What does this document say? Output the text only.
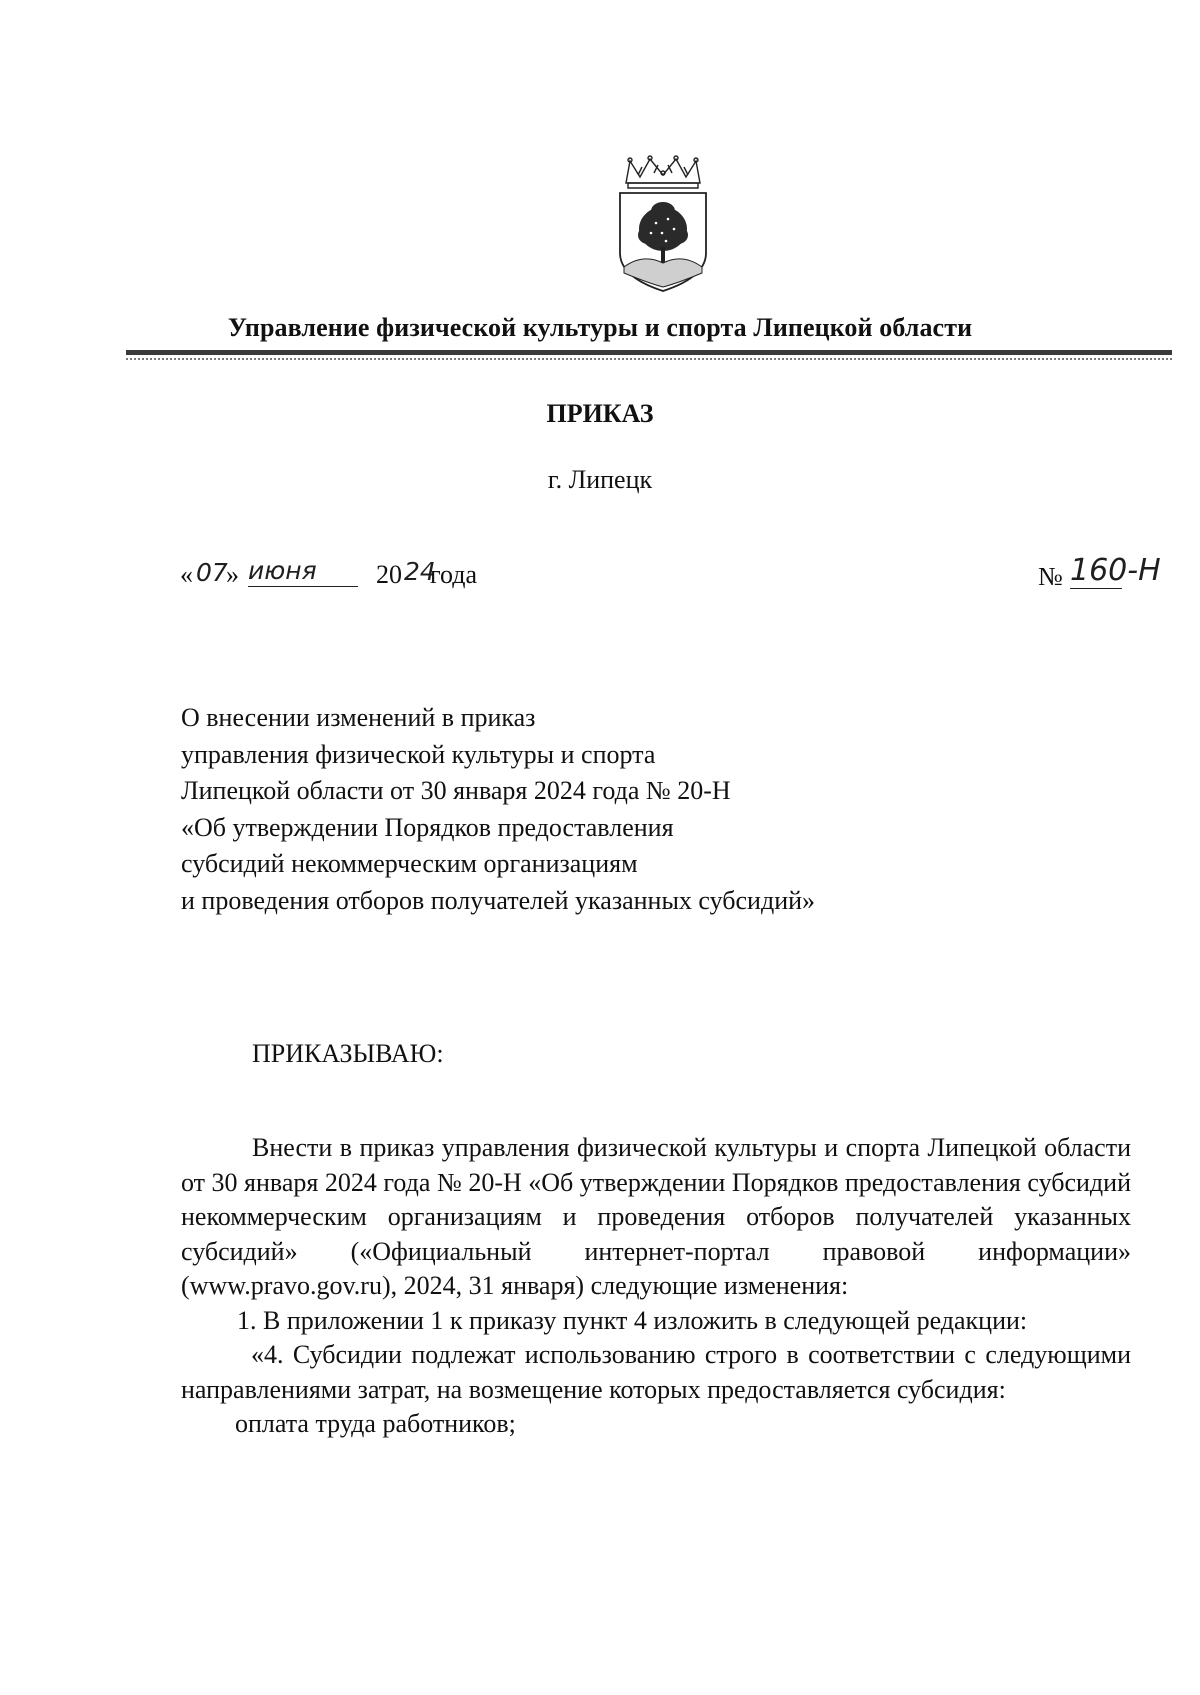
Управление физической культуры и спорта Липецкой области
ПРИКАЗ
г. Липецк
« 07
» июня	20 24
года	№ 160-Н
О внесении изменений в приказ
управления физической культуры и спорта
Липецкой области от 30 января 2024 года № 20-Н
«Об утверждении Порядков предоставления
субсидий некоммерческим организациям
и проведения отборов получателей указанных субсидий»
ПРИКАЗЫВАЮ:

Внести в приказ управления физической культуры и спорта Липецкой области от 30 января 2024 года № 20-Н «Об утверждении Порядков предоставления субсидий некоммерческим организациям и проведения отборов получателей указанных субсидий» («Официальный интернет-портал правовой информации» (www.pravo.gov.ru), 2024, 31 января) следующие изменения:

1. В приложении 1 к приказу пункт 4 изложить в следующей редакции:

«4. Субсидии подлежат использованию строго в соответствии с следующими направлениями затрат, на возмещение которых предоставляется субсидия:

оплата труда работников;
